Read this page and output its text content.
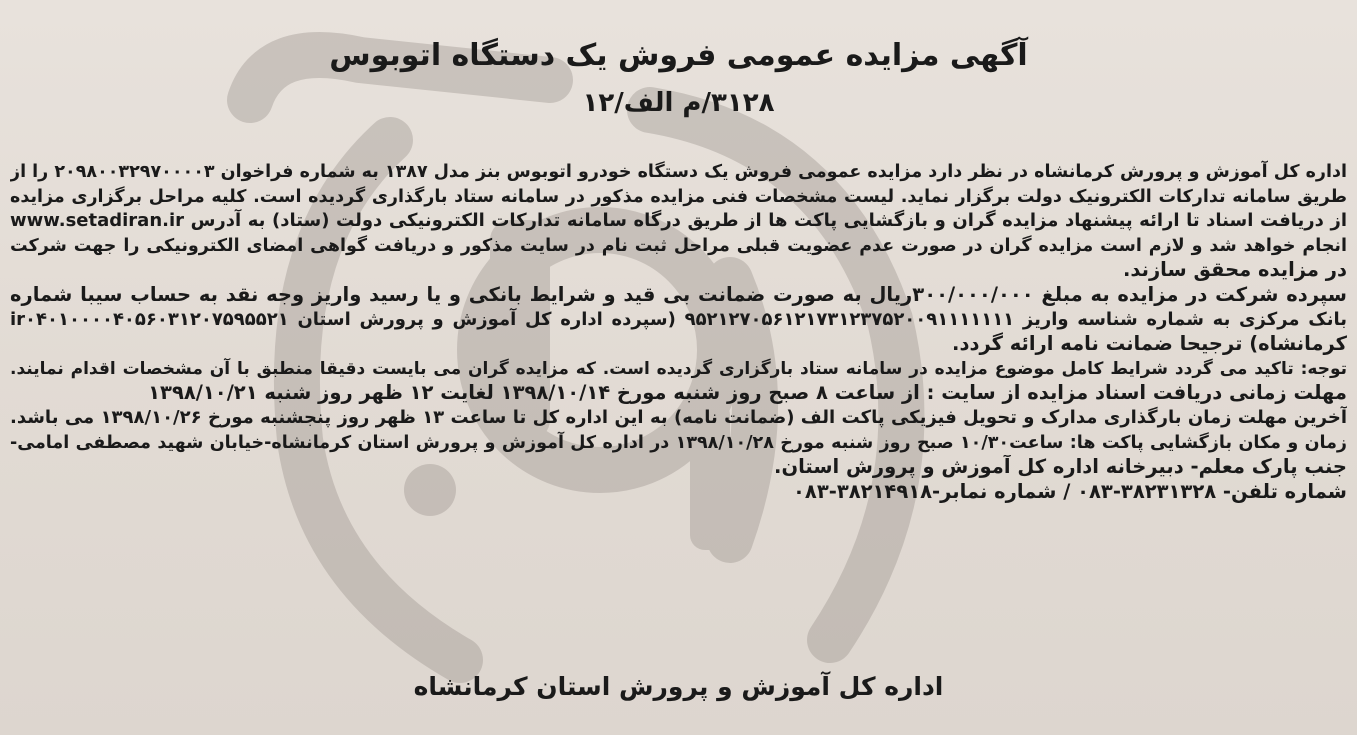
آگهی مزایده عمومی فروش یک دستگاه اتوبوس
۳۱۲۸/م الف/۱۲
اداره کل آموزش و پرورش کرمانشاه در نظر دارد مزایده عمومی فروش یک دستگاه خودرو اتوبوس بنز مدل ۱۳۸۷ به شماره فراخوان ۲۰۹۸۰۰۳۲۹۷۰۰۰۰۳ را از
طریق سامانه تدارکات الکترونیک دولت برگزار نماید. لیست مشخصات فنی مزایده مذکور در سامانه ستاد بارگذاری گردیده است. کلیه مراحل برگزاری مزایده
از دریافت اسناد تا ارائه پیشنهاد مزایده گران و بازگشایی پاکت ها از طریق درگاه سامانه تدارکات الکترونیکی دولت (ستاد) به آدرس www.setadiran.ir
انجام خواهد شد و لازم است مزایده گران در صورت عدم عضویت قبلی مراحل ثبت نام در سایت مذکور و دریافت گواهی امضای الکترونیکی را جهت شرکت
در مزایده محقق سازند.
سپرده شرکت در مزایده به مبلغ ۳۰۰/۰۰۰/۰۰۰ریال به صورت ضمانت بی قید و شرایط بانکی و یا رسید واریز وجه نقد به حساب سیبا شماره
ir۰۴۰۱۰۰۰۰۴۰۵۶۰۳۱۲۰۷۵۹۵۵۲۱ بانک مرکزی به شماره شناسه واریز ۹۵۲۱۲۷۰۵۶۱۲۱۷۳۱۲۳۷۵۲۰۰۹۱۱۱۱۱۱۱ (سپرده اداره کل آموزش و پرورش استان
کرمانشاه) ترجیحا ضمانت نامه ارائه گردد.
توجه: تاکید می گردد شرایط کامل موضوع مزایده در سامانه ستاد بارگزاری گردیده است. که مزایده گران می بایست دقیقا منطبق با آن مشخصات اقدام نمایند.
مهلت زمانی دریافت اسناد مزایده از سایت : از ساعت ۸ صبح روز شنبه مورخ ۱۳۹۸/۱۰/۱۴ لغایت ۱۲ ظهر روز شنبه ۱۳۹۸/۱۰/۲۱
آخرین مهلت زمان بارگذاری مدارک و تحویل فیزیکی پاکت الف (ضمانت نامه) به این اداره کل تا ساعت ۱۳ ظهر روز پنجشنبه مورخ ۱۳۹۸/۱۰/۲۶ می باشد.
زمان و مکان بازگشایی پاکت ها: ساعت۱۰/۳۰ صبح روز شنبه مورخ ۱۳۹۸/۱۰/۲۸ در اداره کل آموزش و پرورش استان کرمانشاه-خیابان شهید مصطفی امامی-
جنب پارک معلم- دبیرخانه اداره کل آموزش و پرورش استان.
شماره تلفن- ۳۸۲۳۱۳۲۸-۰۸۳ / شماره نمابر-۳۸۲۱۴۹۱۸-۰۸۳
اداره کل آموزش و پرورش استان کرمانشاه
